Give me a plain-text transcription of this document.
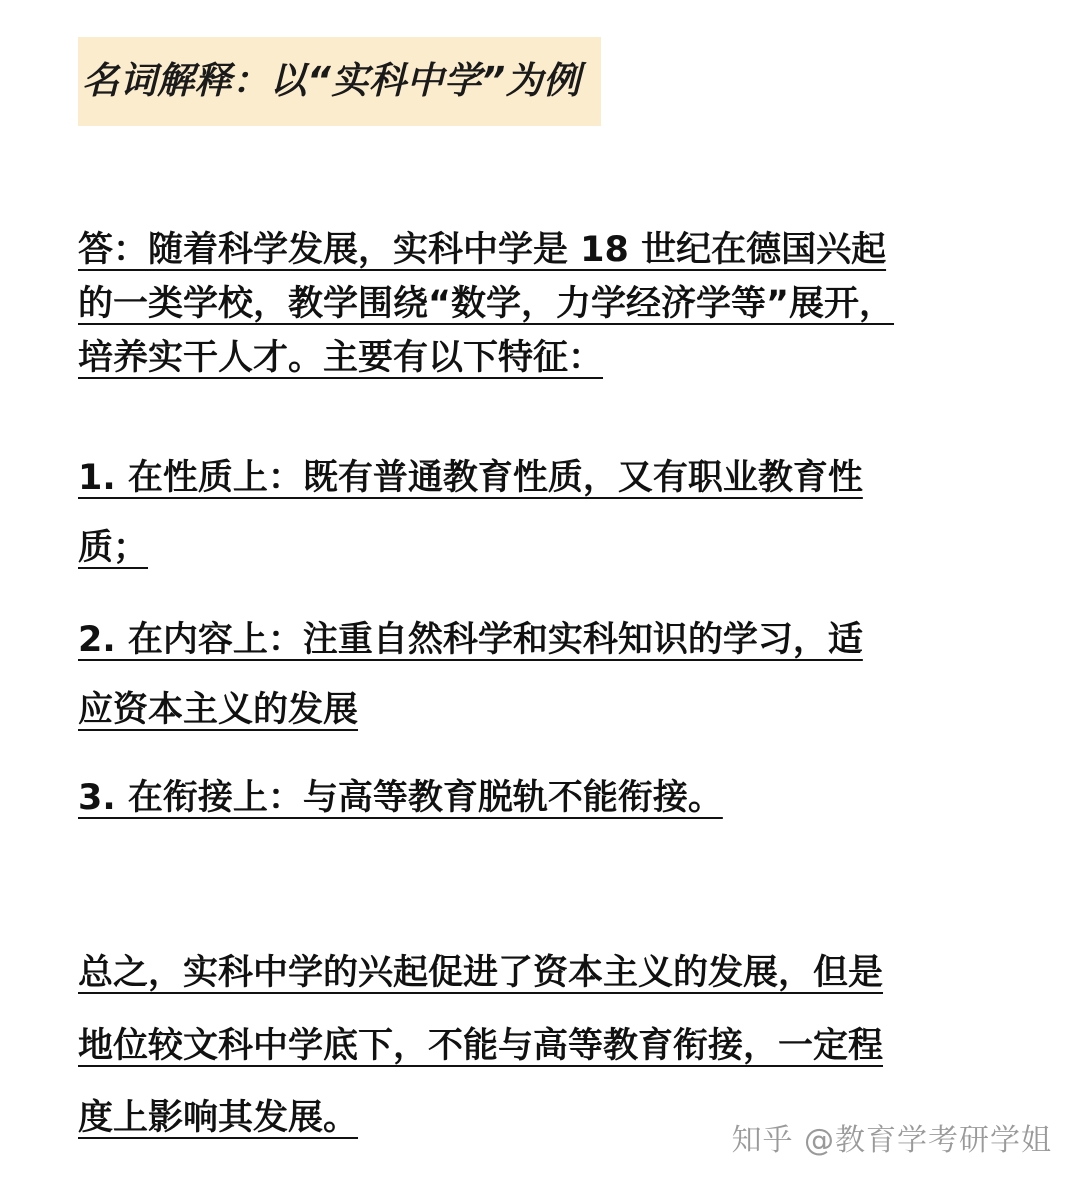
名词解释：以“实科中学”为例
答：随着科学发展，实科中学是 18 世纪在德国兴起
的一类学校，教学围绕“数学，力学经济学等”展开，
培养实干人才。主要有以下特征：
1. 在性质上：既有普通教育性质，又有职业教育性
质；
2. 在内容上：注重自然科学和实科知识的学习，适
应资本主义的发展
3. 在衔接上：与高等教育脱轨不能衔接。
总之，实科中学的兴起促进了资本主义的发展，但是
地位较文科中学底下，不能与高等教育衔接，一定程
度上影响其发展。
知乎 @教育学考研学姐
